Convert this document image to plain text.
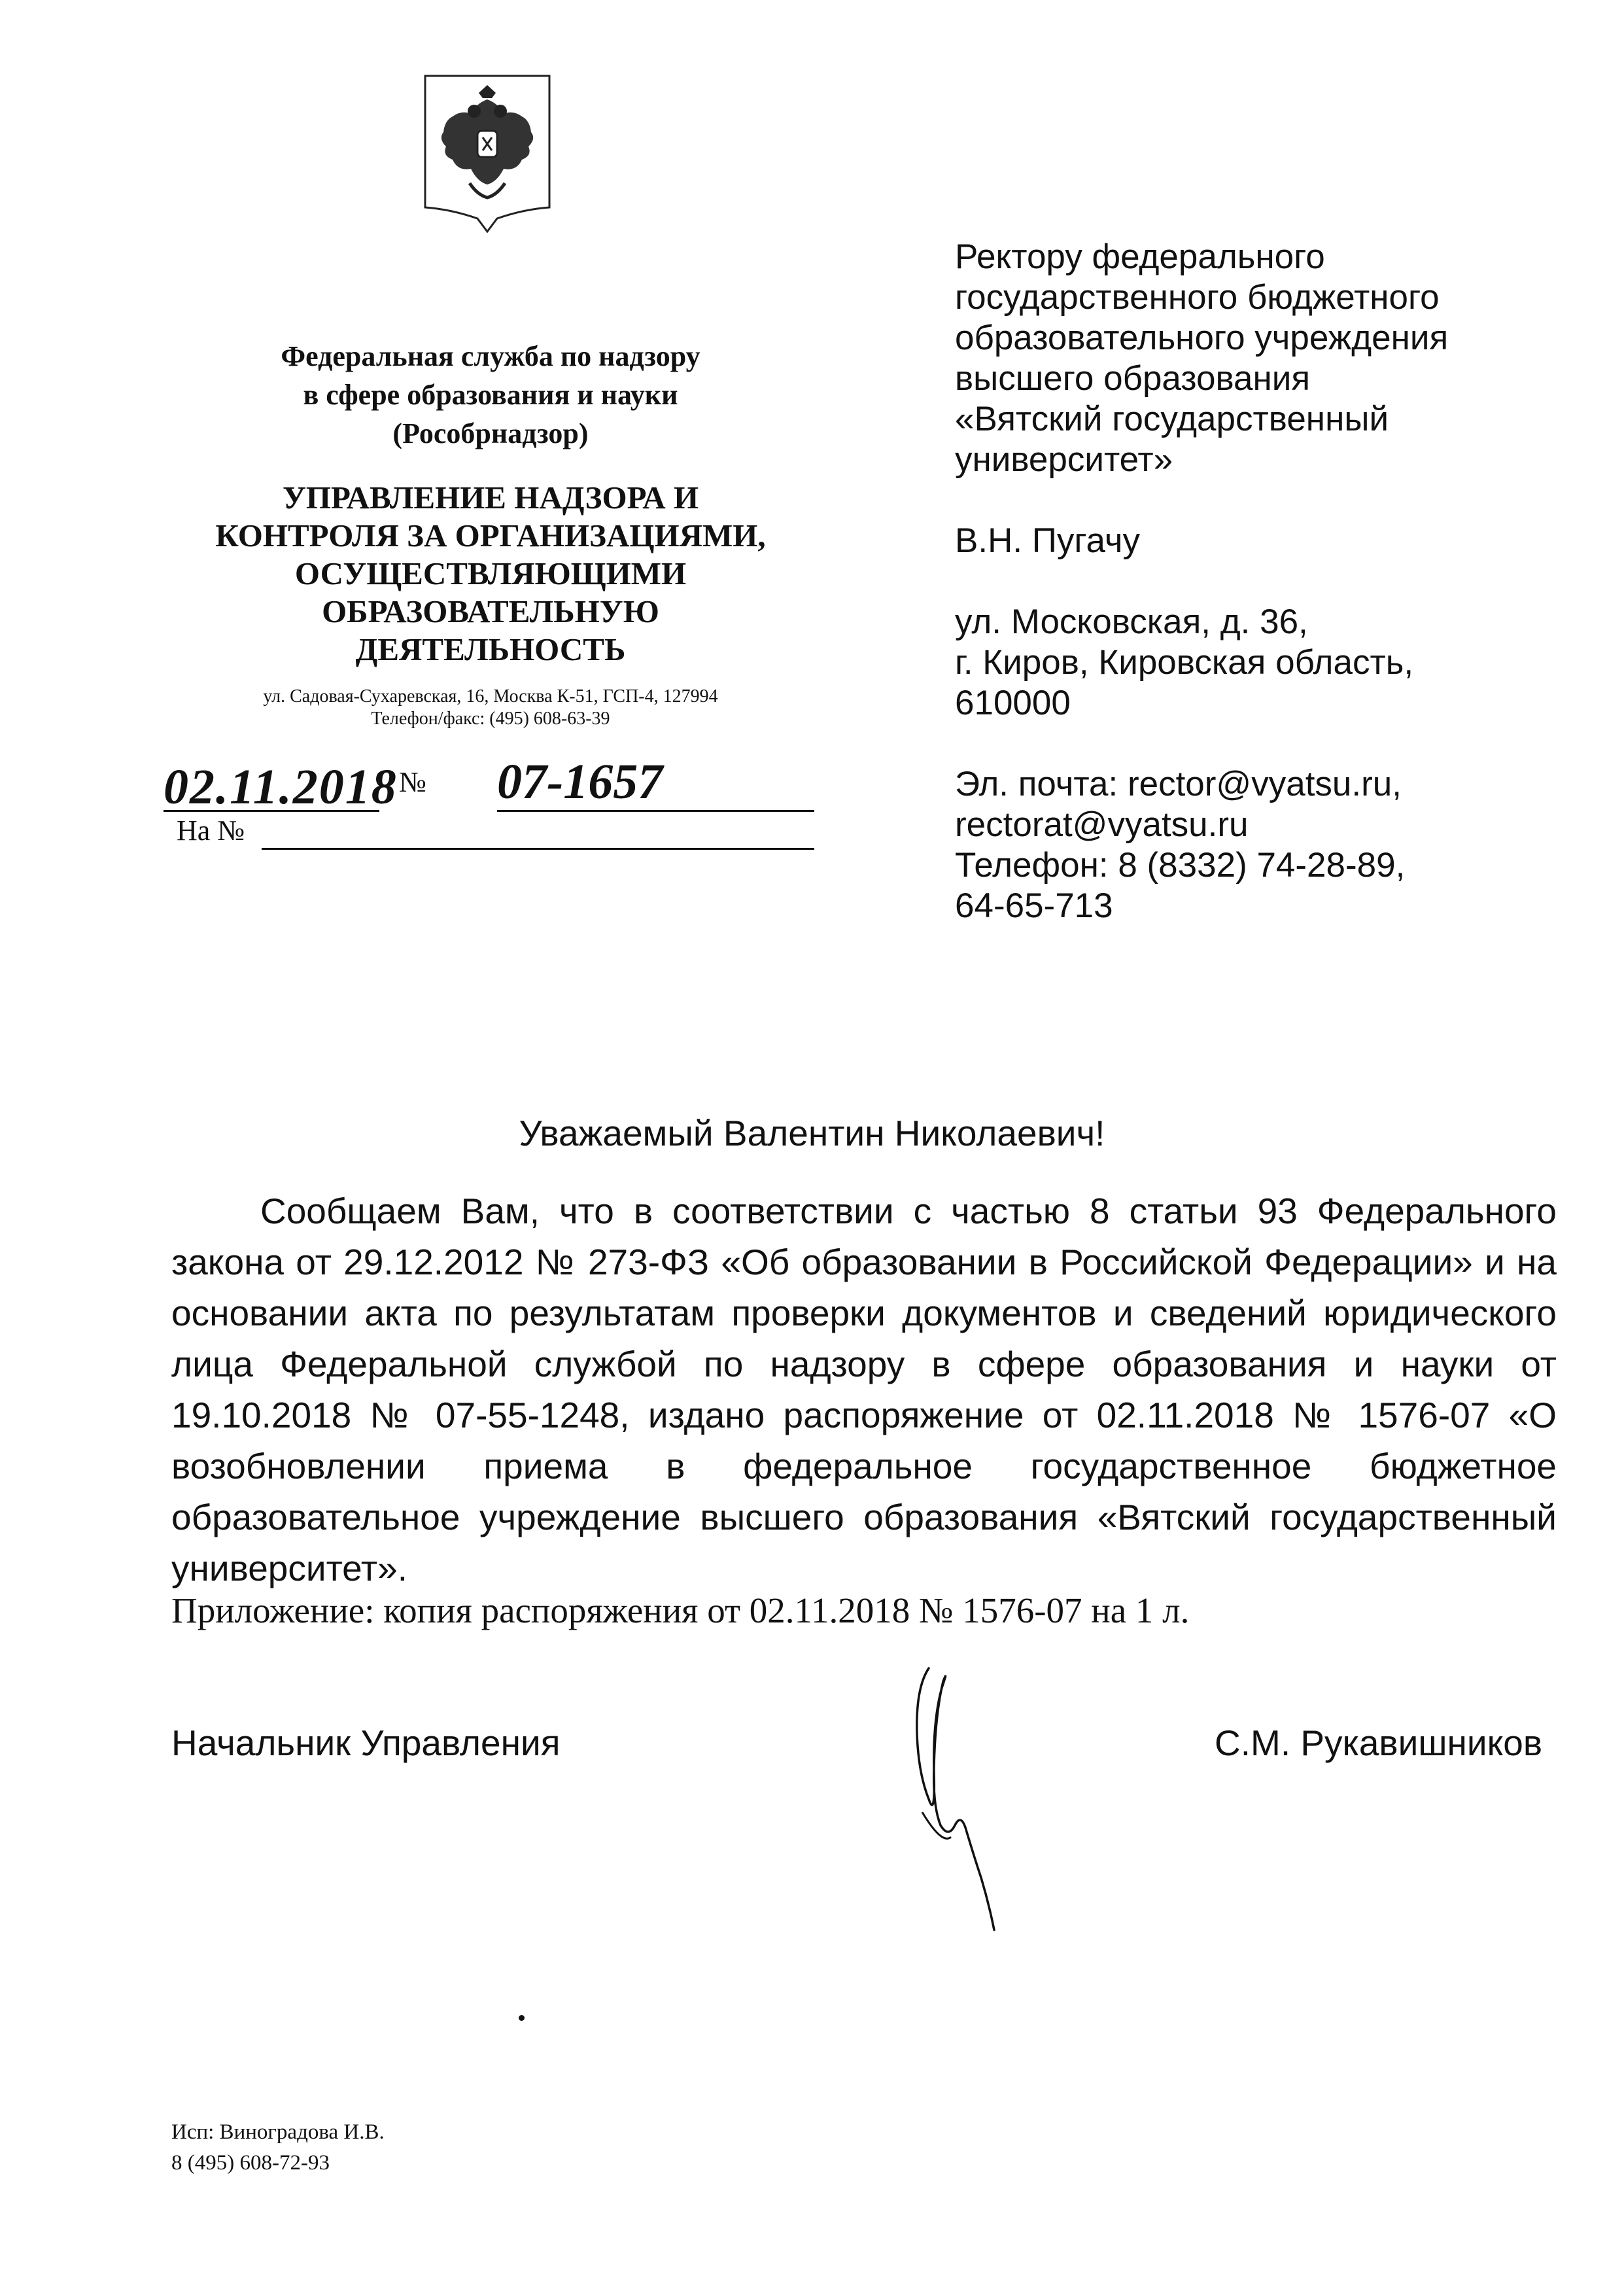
Федеральная служба по надзору
в сфере образования и науки
(Рособрнадзор)
УПРАВЛЕНИЕ НАДЗОРА И
КОНТРОЛЯ ЗА ОРГАНИЗАЦИЯМИ,
ОСУЩЕСТВЛЯЮЩИМИ
ОБРАЗОВАТЕЛЬНУЮ
ДЕЯТЕЛЬНОСТЬ
ул. Садовая-Сухаревская, 16, Москва К-51, ГСП-4, 127994
Телефон/факс: (495) 608-63-39
02.11.2018 № 07-1657
На №
Ректору федерального
государственного бюджетного
образовательного учреждения
высшего образования
«Вятский государственный
университет»
В.Н. Пугачу
ул. Московская, д. 36,
г. Киров, Кировская область,
610000
Эл. почта: rector@vyatsu.ru,
rectorat@vyatsu.ru
Телефон: 8 (8332) 74-28-89,
64-65-713
Уважаемый Валентин Николаевич!
Сообщаем Вам, что в соответствии с частью 8 статьи 93 Федерального закона от 29.12.2012 № 273-ФЗ «Об образовании в Российской Федерации» и на основании акта по результатам проверки документов и сведений юридического лица Федеральной службой по надзору в сфере образования и науки от 19.10.2018 № 07-55-1248, издано распоряжение от 02.11.2018 № 1576-07 «О возобновлении приема в федеральное государственное бюджетное образовательное учреждение высшего образования «Вятский государственный университет».
Приложение: копия распоряжения от 02.11.2018 № 1576-07 на 1 л.
Начальник Управления	С.М. Рукавишников
Исп: Виноградова И.В.
8 (495) 608-72-93
